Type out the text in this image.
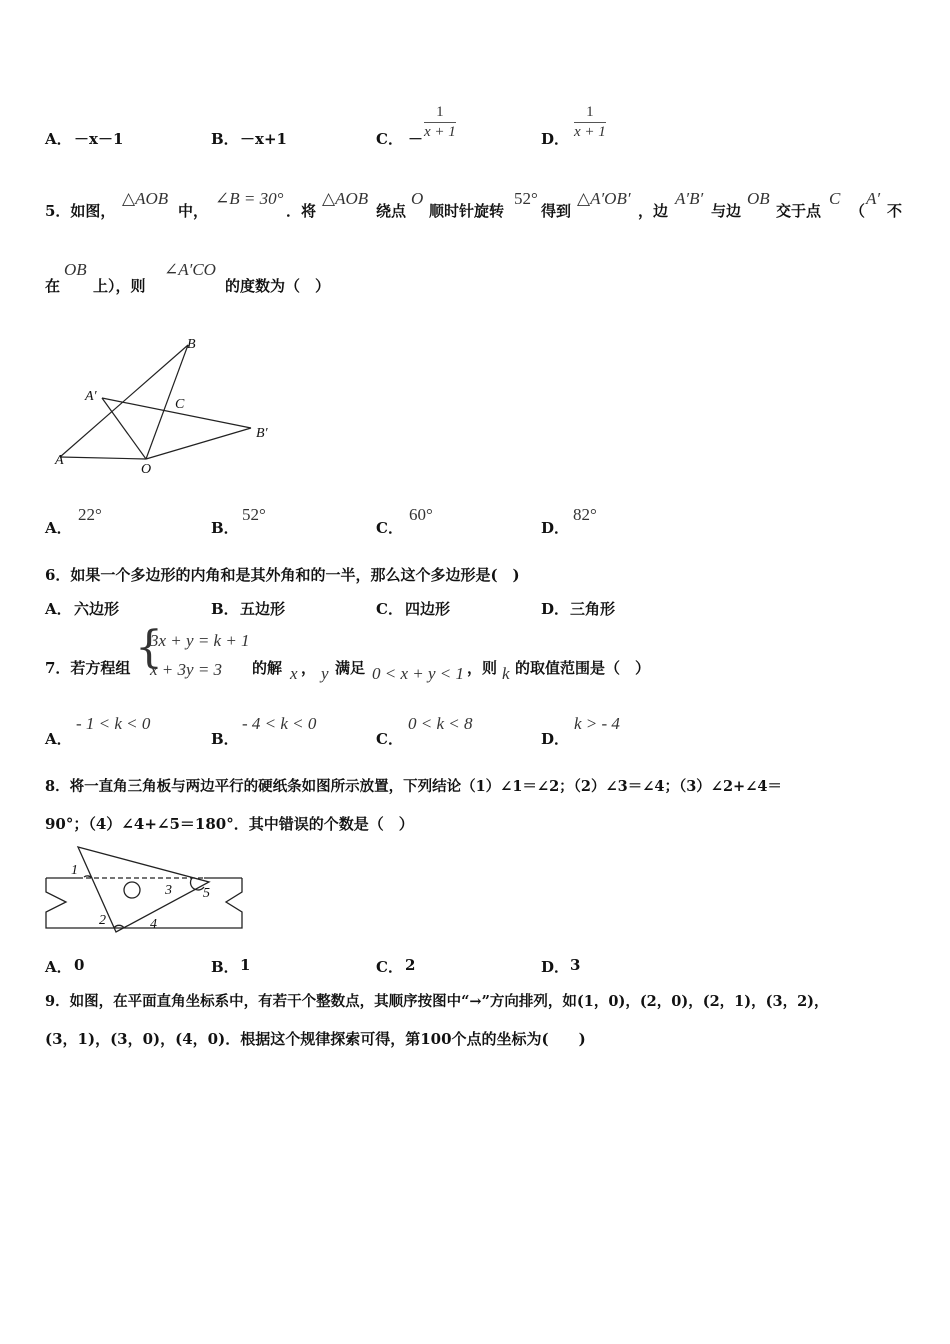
A． －x－1	B． －x+1	C． － $\frac{1}{x + 1}$	D． $\frac{1}{x + 1}$
5．如图，
△AOB
中，
∠B = 30°
．将
△AOB
绕点
O
顺时针旋转
52°
得到
△A′OB′
，边
A′B′
与边
OB
交于点
C
（
A′
不
在
OB
上），则
∠A′CO
的度数为（　）
B
A′
C
B′
A
O
A．
22°
B．
52°
C．
60°
D．
82°
6．如果一个多边形的内角和是其外角和的一半，那么这个多边形是(　)
A． 六边形	B． 五边形	C． 四边形	D． 三角形
7．若方程组 {
3x + y = k + 1
x + 3y = 3 的解 x ， y 满足 0 < x + y < 1 ，则 k 的取值范围是（　）
A．
- 1 < k < 0
B．
- 4 < k < 0
C．
0 < k < 8
D．
k > - 4
8．将一直角三角板与两边平行的硬纸条如图所示放置，下列结论（1）∠1＝∠2；（2）∠3＝∠4；（3）∠2+∠4＝
90°；（4）∠4+∠5＝180°．其中错误的个数是（　）
1
3 5
2	4
A． 0	B． 1	C． 2	D． 3
9．如图，在平面直角坐标系中，有若干个整数点，其顺序按图中“→”方向排列，如(1，0)，(2，0)，(2，1)，(3，2)，
(3，1)，(3，0)，(4，0)．根据这个规律探索可得，第100个点的坐标为(　　)
